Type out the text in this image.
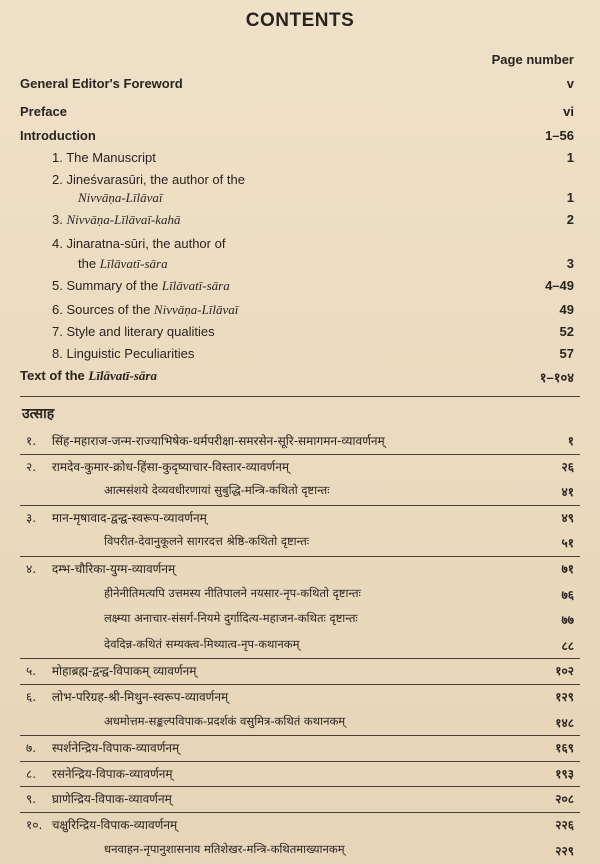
CONTENTS
Page number
General Editor's Foreword	v
Preface	vi
Introduction	1–56
1. The Manuscript	1
2. Jineśvarasūri, the author of the
Nivvāṇa-Līlāvaī	1
3. Nivvāṇa-Līlāvaī-kahā	2
4. Jinaratna-sūri, the author of
the Līlāvatī-sāra	3
5. Summary of the Līlāvatī-sāra	4–49
6. Sources of the Nivvāṇa-Līlāvaī	49
7. Style and literary qualities	52
8. Linguistic Peculiarities	57
Text of the Līlāvatī-sāra	१–१०४
उत्साह
१. सिंह-महाराज-जन्म-राज्याभिषेक-धर्मपरीक्षा-समरसेन-सूरि-समागमन-व्यावर्णनम्	१
२. रामदेव-कुमार-क्रोध-हिंसा-कुदृष्याचार-विस्तार-व्यावर्णनम्	२६
आत्मसंशये देव्यवधीरणायां सुबुद्धि-मन्त्रि-कथितो दृष्टान्तः	४१
३. मान-मृषावाद-द्वन्द्व-स्वरूप-व्यावर्णनम्	४९
विपरीत-देवानुकूलने सागरदत्त श्रेष्ठि-कथितो दृष्टान्तः	५१
४. दम्भ-चौरिका-युग्म-व्यावर्णनम्	७१
हीनेनीतिमत्यपि उत्तमस्य नीतिपालने नयसार-नृप-कथितो दृष्टान्तः	७६
लक्ष्म्या अनाचार-संसर्ग-नियमे दुर्गादित्य-महाजन-कथितः दृष्टान्तः	७७
देवदिन्न-कथितं सम्यक्त्व-मिथ्यात्व-नृप-कथानकम्	८८
५. मोहाब्रह्म-द्वन्द्व-विपाकम् व्यावर्णनम्	१०२
६. लोभ-परिग्रह-श्री-मिथुन-स्वरूप-व्यावर्णनम्	१२९
अधमोत्तम-सङ्कल्पविपाक-प्रदर्शकं वसुमित्र-कथितं कथानकम्	१४८
७. स्पर्शनेन्द्रिय-विपाक-व्यावर्णनम्	१६९
८. रसनेन्द्रिय-विपाक-व्यावर्णनम्	१९३
९. घ्राणेन्द्रिय-विपाक-व्यावर्णनम्	२०८
१०. चक्षुरिन्द्रिय-विपाक-व्यावर्णनम्	२२६
धनवाहन-नृपानुशासनाय मतिशेखर-मन्त्रि-कथितमाख्यानकम्	२२९
